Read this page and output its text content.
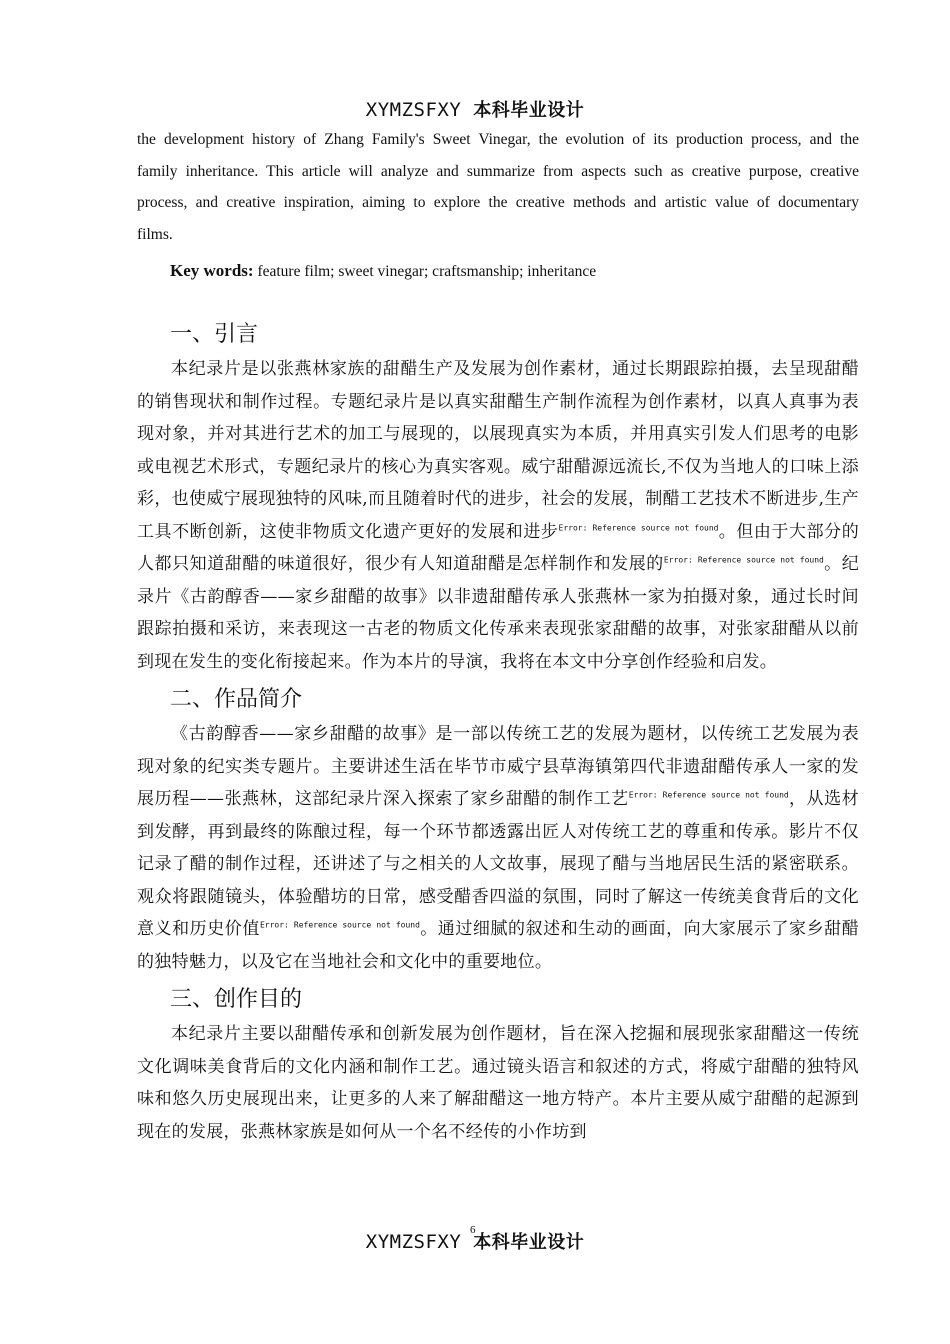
XYMZSFXY 本科毕业设计

the development history of Zhang Family's Sweet Vinegar, the evolution of its production process, and the family inheritance. This article will analyze and summarize from aspects such as creative purpose, creative process, and creative inspiration, aiming to explore the creative methods and artistic value of documentary films.

Key words: feature film; sweet vinegar; craftsmanship; inheritance
一、引言

本纪录片是以张燕林家族的甜醋生产及发展为创作素材，通过长期跟踪拍摄，去呈现甜醋的销售现状和制作过程。专题纪录片是以真实甜醋生产制作流程为创作素材，以真人真事为表现对象，并对其进行艺术的加工与展现的，以展现真实为本质，并用真实引发人们思考的电影或电视艺术形式，专题纪录片的核心为真实客观。威宁甜醋源远流长,不仅为当地人的口味上添彩，也使威宁展现独特的风味,而且随着时代的进步，社会的发展，制醋工艺技术不断进步,生产工具不断创新，这使非物质文化遗产更好的发展和进步$^{Error: Reference source not found}$。但由于大部分的人都只知道甜醋的味道很好，很少有人知道甜醋是怎样制作和发展的$^{Error: Reference source not found}$。纪录片《古韵醇香——家乡甜醋的故事》以非遗甜醋传承人张燕林一家为拍摄对象，通过长时间跟踪拍摄和采访，来表现这一古老的物质文化传承来表现张家甜醋的故事，对张家甜醋从以前到现在发生的变化衔接起来。作为本片的导演，我将在本文中分享创作经验和启发。

二、作品简介

《古韵醇香——家乡甜醋的故事》是一部以传统工艺的发展为题材，以传统工艺发展为表现对象的纪实类专题片。主要讲述生活在毕节市威宁县草海镇第四代非遗甜醋传承人一家的发展历程——张燕林，这部纪录片深入探索了家乡甜醋的制作工艺$^{Error: Reference source not found}$，从选材到发酵，再到最终的陈酿过程，每一个环节都透露出匠人对传统工艺的尊重和传承。影片不仅记录了醋的制作过程，还讲述了与之相关的人文故事，展现了醋与当地居民生活的紧密联系。观众将跟随镜头，体验醋坊的日常，感受醋香四溢的氛围，同时了解这一传统美食背后的文化意义和历史价值$^{Error: Reference source not found}$。通过细腻的叙述和生动的画面，向大家展示了家乡甜醋的独特魅力，以及它在当地社会和文化中的重要地位。

三、创作目的

本纪录片主要以甜醋传承和创新发展为创作题材，旨在深入挖掘和展现张家甜醋这一传统文化调味美食背后的文化内涵和制作工艺。通过镜头语言和叙述的方式，将威宁甜醋的独特风味和悠久历史展现出来，让更多的人来了解甜醋这一地方特产。本片主要从威宁甜醋的起源到现在的发展，张燕林家族是如何从一个名不经传的小作坊到

6
XYMZSFXY 本科毕业设计
